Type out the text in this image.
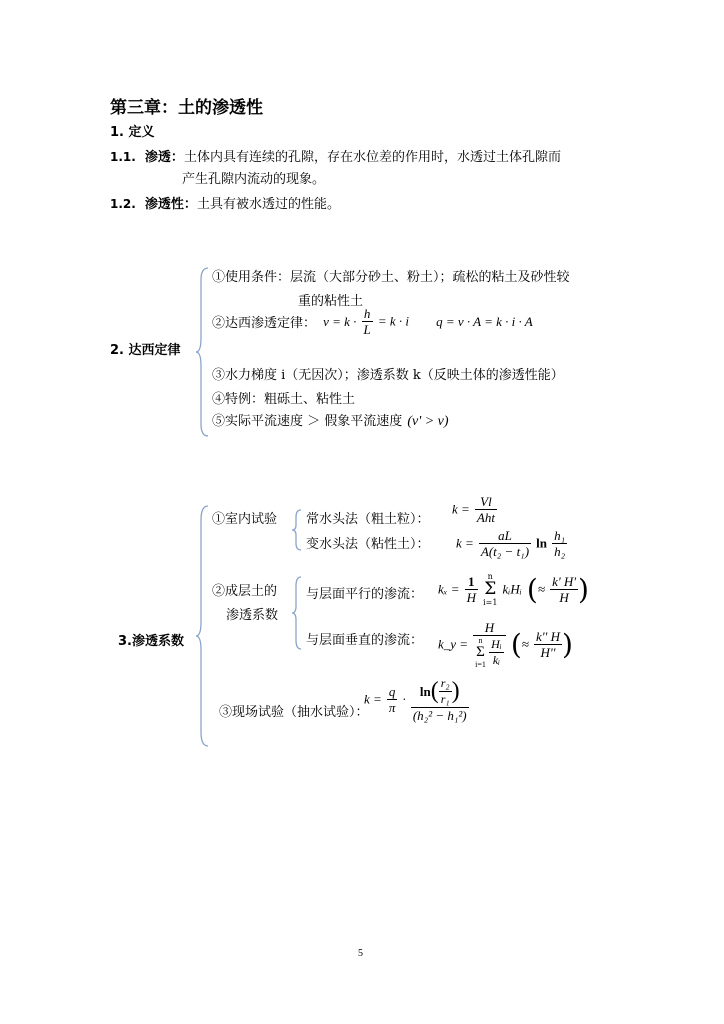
第三章：土的渗透性
1. 定义
1.1. 渗透：土体内具有连续的孔隙，存在水位差的作用时，水透过土体孔隙而
产生孔隙内流动的现象。
1.2. 渗透性：土具有被水透过的性能。
2. 达西定律
①使用条件：层流（大部分砂土、粉土）；疏松的粘土及砂性较
重的粘性土
②达西渗透定律： $v = k \cdot \frac{h}{L} = k \cdot i$ q = v · A = k · i · A
③水力梯度 i（无因次）；渗透系数 k（反映土体的渗透性能）
④特例：粗砾土、粘性土
⑤实际平流速度 ＞ 假象平流速度 (v' > v)
3.渗透系数
①室内试验 常水头法（粗土粒）：
$k = \frac{Vl}{\text{Aht}}$
变水头法（粘性土）： $k = \frac{aL}{\text{A(t₂ − t₁)}}$ $\ln \frac{\text{h₁}}{\text{h₂}}$
②成层土的
渗透系数
与层面平行的渗流： $k_x = \frac{1}{H}$
	n
Σ
i=1
kᵢHᵢ (≈ $\frac{k' H'}{H}$ )
与层面垂直的渗流： k_y = H
n
Σ
i=1
$\frac{\text{Hᵢ}}{\text{kᵢ}}$ (≈ $\frac{k'' H}{H''}$ )
③现场试验（抽水试验）：
$k = \frac{q}{\pi} \cdot \frac{\ln( \frac{\text{r₂}}{\text{r₁}} )}{\text{(h₂² − h₁²)}}$
5
